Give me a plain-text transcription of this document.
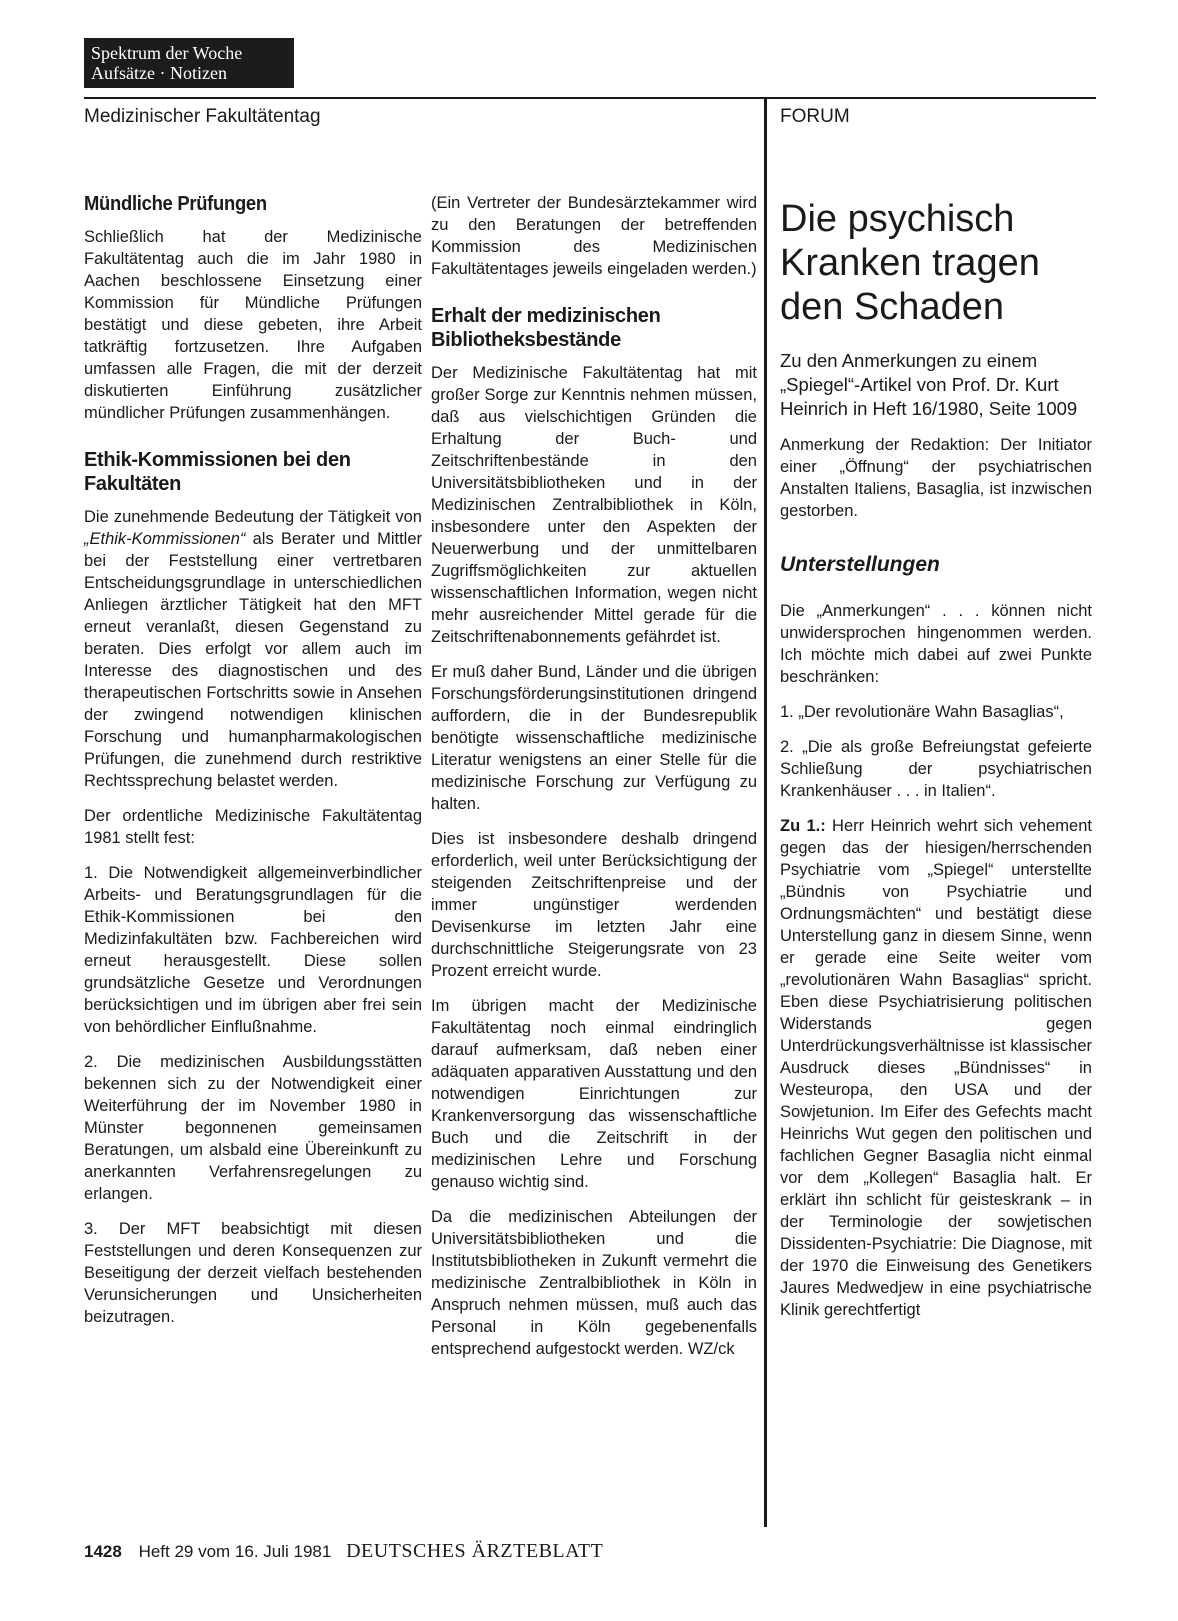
Spektrum der Woche
Aufsätze · Notizen
Medizinischer Fakultätentag	FORUM
Mündliche Prüfungen

Schließlich hat der Medizinische Fakultätentag auch die im Jahr 1980 in Aachen beschlossene Einsetzung einer Kommission für Mündliche Prüfungen bestätigt und diese gebeten, ihre Arbeit tatkräftig fortzusetzen. Ihre Aufgaben umfassen alle Fragen, die mit der derzeit diskutierten Einführung zusätzlicher mündlicher Prüfungen zusammenhängen.

Ethik-Kommissionen bei den Fakultäten

Die zunehmende Bedeutung der Tätigkeit von „Ethik-Kommissionen“ als Berater und Mittler bei der Feststellung einer vertretbaren Entscheidungsgrundlage in unterschiedlichen Anliegen ärztlicher Tätigkeit hat den MFT erneut veranlaßt, diesen Gegenstand zu beraten. Dies erfolgt vor allem auch im Interesse des diagnostischen und des therapeutischen Fortschritts sowie in Ansehen der zwingend notwendigen klinischen Forschung und humanpharmakologischen Prüfungen, die zunehmend durch restriktive Rechtssprechung belastet werden.

Der ordentliche Medizinische Fakultätentag 1981 stellt fest:

1. Die Notwendigkeit allgemeinverbindlicher Arbeits- und Beratungsgrundlagen für die Ethik-Kommissionen bei den Medizinfakultäten bzw. Fachbereichen wird erneut herausgestellt. Diese sollen grundsätzliche Gesetze und Verordnungen berücksichtigen und im übrigen aber frei sein von behördlicher Einflußnahme.

2. Die medizinischen Ausbildungsstätten bekennen sich zu der Notwendigkeit einer Weiterführung der im November 1980 in Münster begonnenen gemeinsamen Beratungen, um alsbald eine Übereinkunft zu anerkannten Verfahrensregelungen zu erlangen.

3. Der MFT beabsichtigt mit diesen Feststellungen und deren Konsequenzen zur Beseitigung der derzeit vielfach bestehenden Verunsicherungen und Unsicherheiten beizutragen.

(Ein Vertreter der Bundesärztekammer wird zu den Beratungen der betreffenden Kommission des Medizinischen Fakultätentages jeweils eingeladen werden.)

Erhalt der medizinischen Bibliotheksbestände

Der Medizinische Fakultätentag hat mit großer Sorge zur Kenntnis nehmen müssen, daß aus vielschichtigen Gründen die Erhaltung der Buch- und Zeitschriftenbestände in den Universitätsbibliotheken und in der Medizinischen Zentralbibliothek in Köln, insbesondere unter den Aspekten der Neuerwerbung und der unmittelbaren Zugriffsmöglichkeiten zur aktuellen wissenschaftlichen Information, wegen nicht mehr ausreichender Mittel gerade für die Zeitschriftenabonnements gefährdet ist.

Er muß daher Bund, Länder und die übrigen Forschungsförderungsinstitutionen dringend auffordern, die in der Bundesrepublik benötigte wissenschaftliche medizinische Literatur wenigstens an einer Stelle für die medizinische Forschung zur Verfügung zu halten.

Dies ist insbesondere deshalb dringend erforderlich, weil unter Berücksichtigung der steigenden Zeitschriftenpreise und der immer ungünstiger werdenden Devisenkurse im letzten Jahr eine durchschnittliche Steigerungsrate von 23 Prozent erreicht wurde.

Im übrigen macht der Medizinische Fakultätentag noch einmal eindringlich darauf aufmerksam, daß neben einer adäquaten apparativen Ausstattung und den notwendigen Einrichtungen zur Krankenversorgung das wissenschaftliche Buch und die Zeitschrift in der medizinischen Lehre und Forschung genauso wichtig sind.

Da die medizinischen Abteilungen der Universitätsbibliotheken und die Institutsbibliotheken in Zukunft vermehrt die medizinische Zentralbibliothek in Köln in Anspruch nehmen müssen, muß auch das Personal in Köln gegebenenfalls entsprechend aufgestockt werden. WZ/ck

Die psychisch Kranken tragen den Schaden

Zu den Anmerkungen zu einem „Spiegel“-Artikel von Prof. Dr. Kurt Heinrich in Heft 16/1980, Seite 1009

Anmerkung der Redaktion: Der Initiator einer „Öffnung“ der psychiatrischen Anstalten Italiens, Basaglia, ist inzwischen gestorben.

Unterstellungen

Die „Anmerkungen“ . . . können nicht unwidersprochen hingenommen werden. Ich möchte mich dabei auf zwei Punkte beschränken:

1. „Der revolutionäre Wahn Basaglias“,

2. „Die als große Befreiungstat gefeierte Schließung der psychiatrischen Krankenhäuser . . . in Italien“.

Zu 1.: Herr Heinrich wehrt sich vehement gegen das der hiesigen/herrschenden Psychiatrie vom „Spiegel“ unterstellte „Bündnis von Psychiatrie und Ordnungsmächten“ und bestätigt diese Unterstellung ganz in diesem Sinne, wenn er gerade eine Seite weiter vom „revolutionären Wahn Basaglias“ spricht. Eben diese Psychiatrisierung politischen Widerstands gegen Unterdrückungsverhältnisse ist klassischer Ausdruck dieses „Bündnisses“ in Westeuropa, den USA und der Sowjetunion. Im Eifer des Gefechts macht Heinrichs Wut gegen den politischen und fachlichen Gegner Basaglia nicht einmal vor dem „Kollegen“ Basaglia halt. Er erklärt ihn schlicht für geisteskrank – in der Terminologie der sowjetischen Dissidenten-Psychiatrie: Die Diagnose, mit der 1970 die Einweisung des Genetikers Jaures Medwedjew in eine psychiatrische Klinik gerechtfertigt

1428 Heft 29 vom 16. Juli 1981 DEUTSCHES ÄRZTEBLATT
